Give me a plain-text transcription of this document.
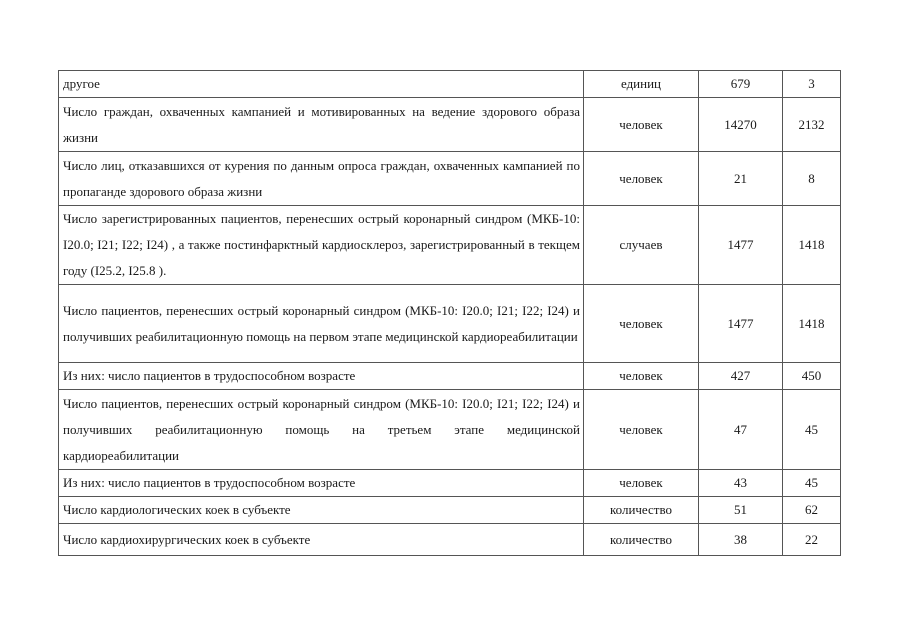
другое	единиц	679	3
Число граждан, охваченных кампанией и мотивированных на ведение здорового образа жизни	человек	14270	2132
Число лиц, отказавшихся от курения по данным опроса граждан, охваченных кампанией по пропаганде здорового образа жизни	человек	21	8
Число зарегистрированных пациентов, перенесших острый коронарный синдром (МКБ-10: I20.0; I21; I22; I24) , а также постинфарктный кардиосклероз, зарегистрированный в текщем году (I25.2, I25.8 ).	случаев	1477	1418
Число пациентов, перенесших острый коронарный синдром (МКБ-10: I20.0; I21; I22; I24) и получивших реабилитационную помощь на первом этапе медицинской кардиореабилитации	человек	1477	1418
Из них: число пациентов в трудоспособном возрасте	человек	427	450
Число пациентов, перенесших острый коронарный синдром (МКБ-10: I20.0; I21; I22; I24) и получивших реабилитационную помощь на третьем этапе медицинской кардиореабилитации	человек	47	45
Из них: число пациентов в трудоспособном возрасте	человек	43	45
Число кардиологических коек в субъекте	количество	51	62
Число кардиохирургических коек в субъекте	количество	38	22
